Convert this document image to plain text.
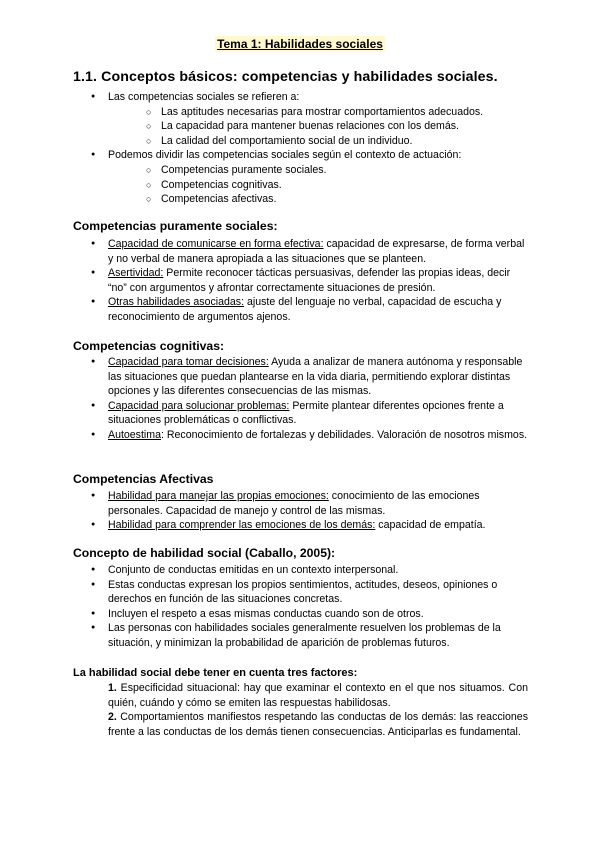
Tema 1: Habilidades sociales
1.1. Conceptos básicos: competencias y habilidades sociales.
● Las competencias sociales se refieren a:
○ Las aptitudes necesarias para mostrar comportamientos adecuados.
○ La capacidad para mantener buenas relaciones con los demás.
○ La calidad del comportamiento social de un individuo.
● Podemos dividir las competencias sociales según el contexto de actuación:
○ Competencias puramente sociales.
○ Competencias cognitivas.
○ Competencias afectivas.
Competencias puramente sociales:
● Capacidad de comunicarse en forma efectiva: capacidad de expresarse, de forma verbal y no verbal de manera apropiada a las situaciones que se planteen.
● Asertividad: Permite reconocer tácticas persuasivas, defender las propias ideas, decir “no” con argumentos y afrontar correctamente situaciones de presión.
● Otras habilidades asociadas: ajuste del lenguaje no verbal, capacidad de escucha y reconocimiento de argumentos ajenos.
Competencias cognitivas:
● Capacidad para tomar decisiones: Ayuda a analizar de manera autónoma y responsable las situaciones que puedan plantearse en la vida diaria, permitiendo explorar distintas opciones y las diferentes consecuencias de las mismas.
● Capacidad para solucionar problemas: Permite plantear diferentes opciones frente a situaciones problemáticas o conflictivas.
● Autoestima: Reconocimiento de fortalezas y debilidades. Valoración de nosotros mismos.
Competencias Afectivas
● Habilidad para manejar las propias emociones: conocimiento de las emociones personales. Capacidad de manejo y control de las mismas.
● Habilidad para comprender las emociones de los demás: capacidad de empatía.
Concepto de habilidad social (Caballo, 2005):
● Conjunto de conductas emitidas en un contexto interpersonal.
● Estas conductas expresan los propios sentimientos, actitudes, deseos, opiniones o derechos en función de las situaciones concretas.
● Incluyen el respeto a esas mismas conductas cuando son de otros.
● Las personas con habilidades sociales generalmente resuelven los problemas de la situación, y minimizan la probabilidad de aparición de problemas futuros.
La habilidad social debe tener en cuenta tres factores:

1. Especificidad situacional: hay que examinar el contexto en el que nos situamos. Con quién, cuándo y cómo se emiten las respuestas habilidosas.

2. Comportamientos manifiestos respetando las conductas de los demás: las reacciones frente a las conductas de los demás tienen consecuencias. Anticiparlas es fundamental.
